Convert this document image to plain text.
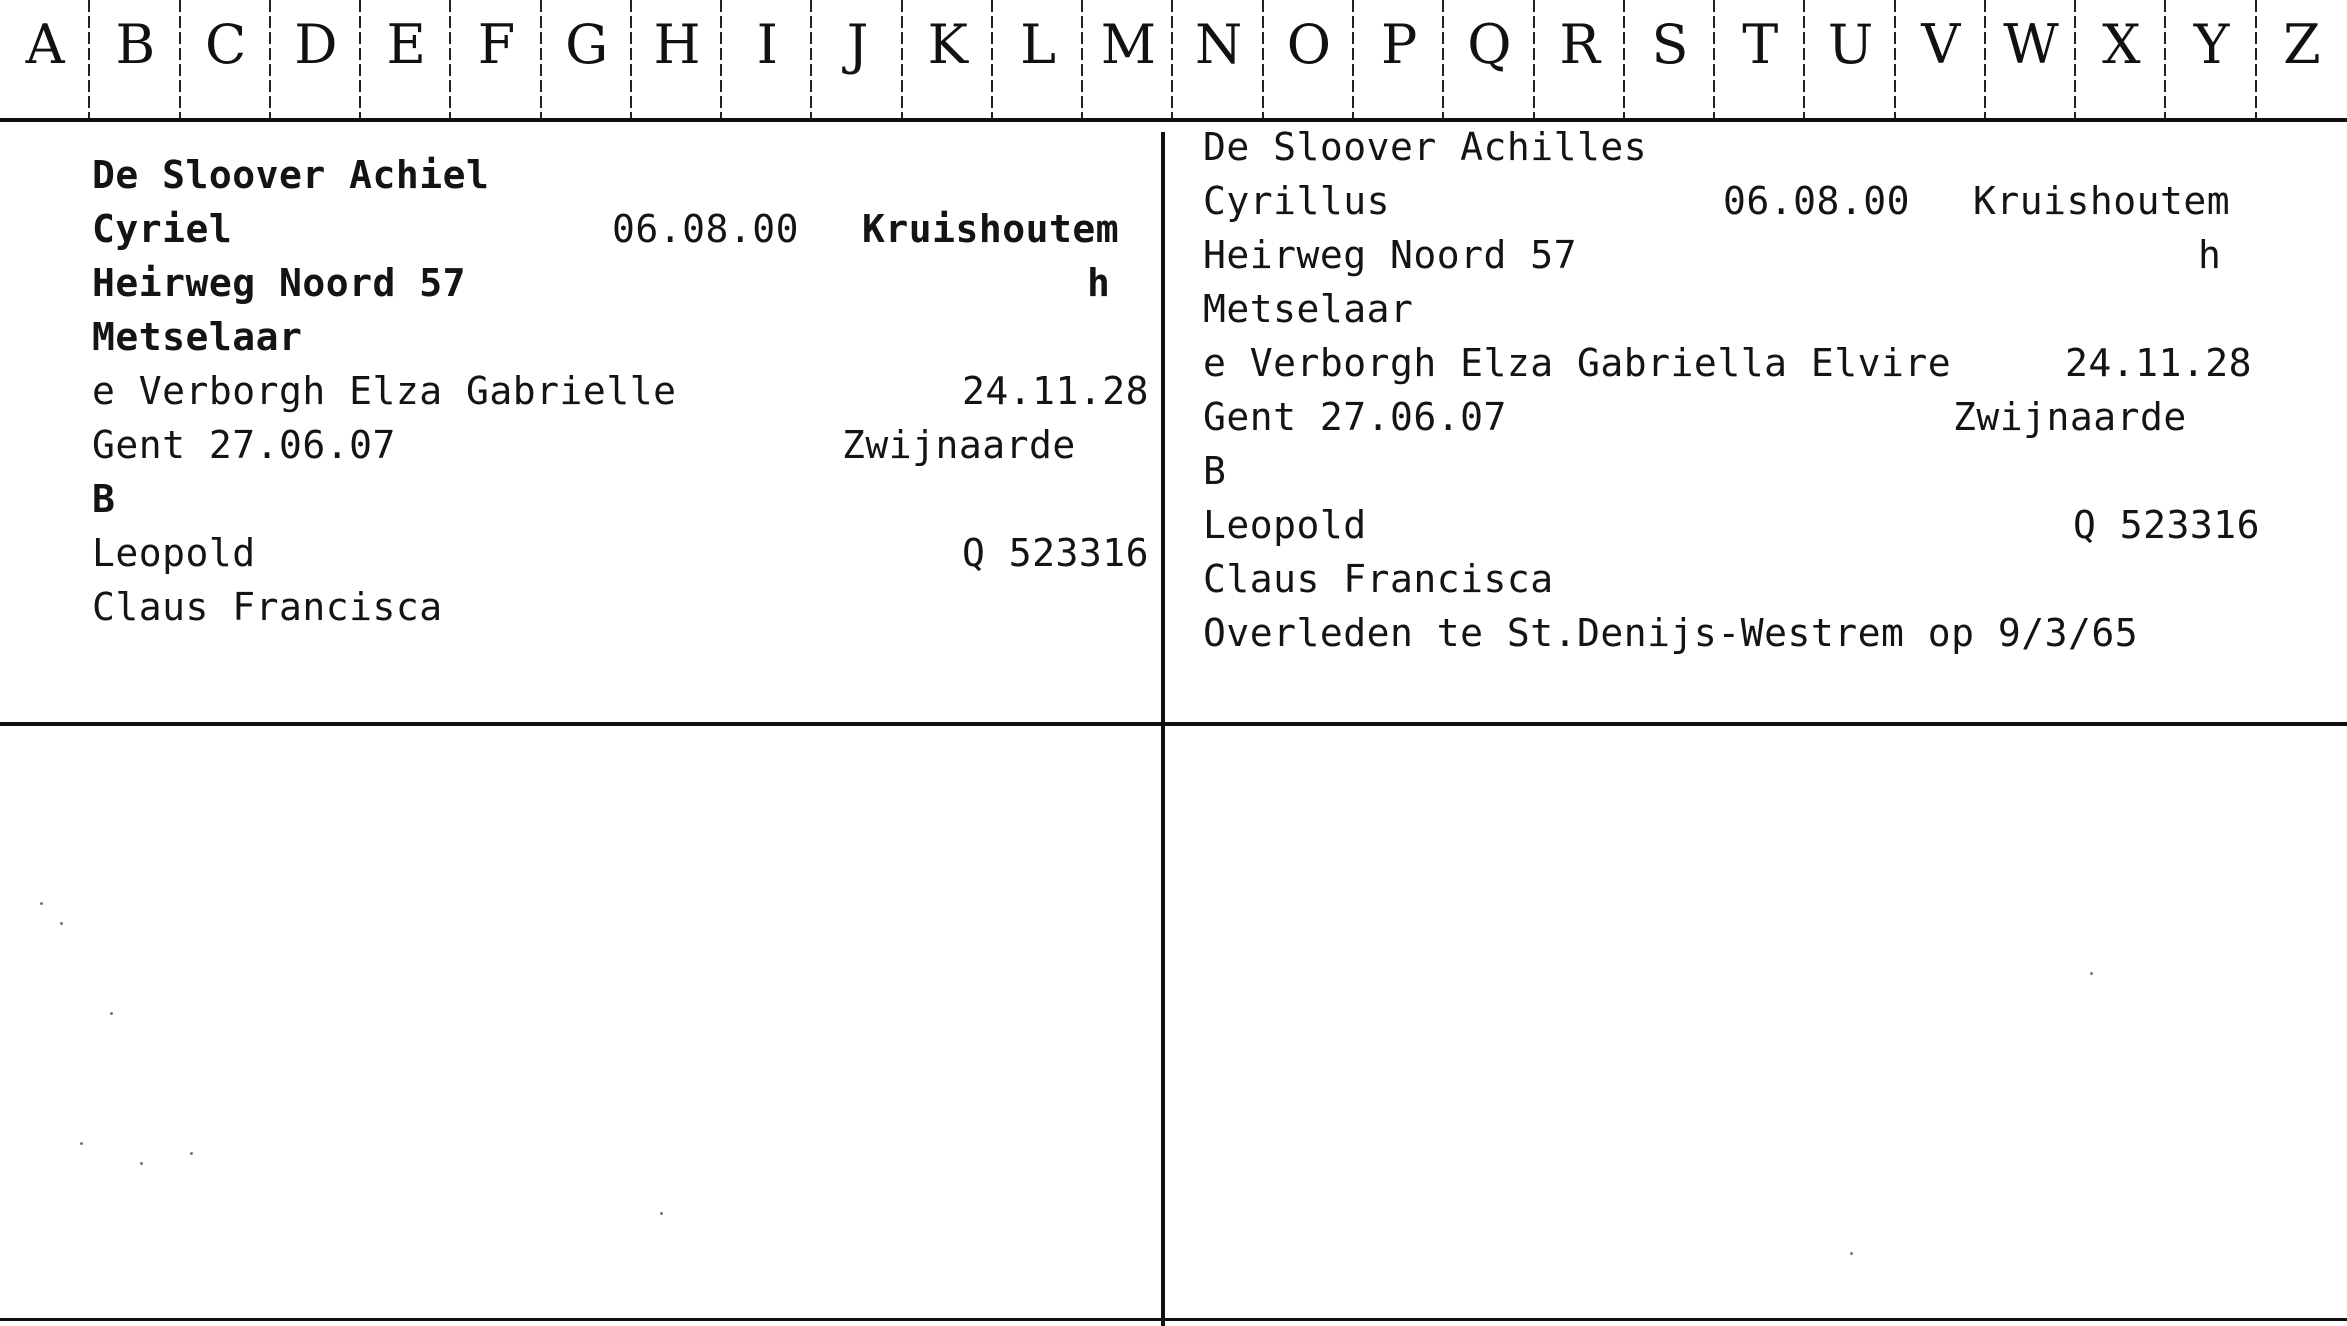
A B C D E F G H	I	J	K L M N O P Q R S T U V W X Y Z
De Sloover Achiel
Cyriel	06.08.00 Kruishoutem
Heirweg Noord 57	h
Metselaar
e Verborgh Elza Gabrielle	24.11.28
Gent 27.06.07	Zwijnaarde
B
Leopold	Q 523316
Claus Francisca
De Sloover Achilles
Cyrillus	06.08.00 Kruishoutem
Heirweg Noord 57	h
Metselaar
e Verborgh Elza Gabriella Elvire	24.11.28
Gent 27.06.07	Zwijnaarde
B
Leopold	Q 523316
Claus Francisca
Overleden te St.Denijs-Westrem op 9/3/65
